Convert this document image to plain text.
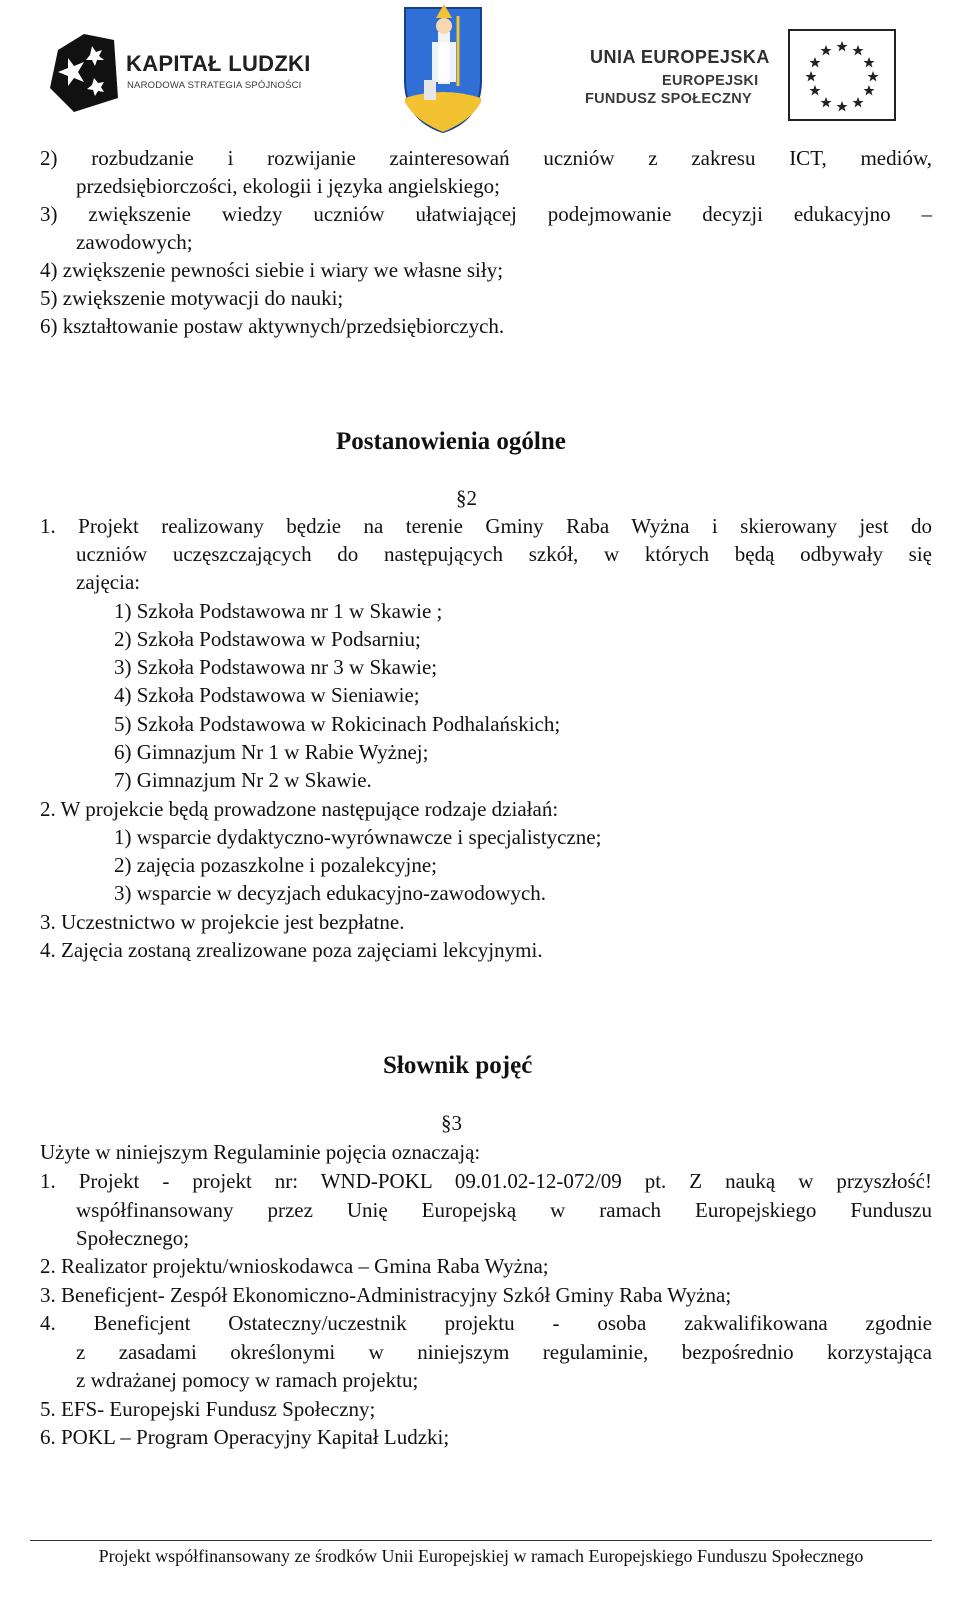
KAPITAŁ LUDZKI
NARODOWA STRATEGIA SPÓJNOŚCI
UNIA EUROPEJSKA
EUROPEJSKI
FUNDUSZ SPOŁECZNY
2) rozbudzanie i rozwijanie zainteresowań uczniów z zakresu ICT, mediów,
przedsiębiorczości, ekologii i języka angielskiego;
3) zwiększenie wiedzy uczniów ułatwiającej podejmowanie decyzji edukacyjno –
zawodowych;
4) zwiększenie pewności siebie i wiary we własne siły;
5) zwiększenie motywacji do nauki;
6) kształtowanie postaw aktywnych/przedsiębiorczych.
Postanowienia ogólne
§2
1. Projekt realizowany będzie na terenie Gminy Raba Wyżna i skierowany jest do
uczniów uczęszczających do następujących szkół, w których będą odbywały się
zajęcia:
1) Szkoła Podstawowa nr 1 w Skawie ;
2) Szkoła Podstawowa w Podsarniu;
3) Szkoła Podstawowa nr 3 w Skawie;
4) Szkoła Podstawowa w Sieniawie;
5) Szkoła Podstawowa w Rokicinach Podhalańskich;
6) Gimnazjum Nr 1 w Rabie Wyżnej;
7) Gimnazjum Nr 2 w Skawie.
2. W projekcie będą prowadzone następujące rodzaje działań:
1) wsparcie dydaktyczno-wyrównawcze i specjalistyczne;
2) zajęcia pozaszkolne i pozalekcyjne;
3) wsparcie w decyzjach edukacyjno-zawodowych.
3. Uczestnictwo w projekcie jest bezpłatne.
4. Zajęcia zostaną zrealizowane poza zajęciami lekcyjnymi.
Słownik pojęć
§3
Użyte w niniejszym Regulaminie pojęcia oznaczają:
1. Projekt - projekt nr: WND-POKL 09.01.02-12-072/09 pt. Z nauką w przyszłość!
współfinansowany przez Unię Europejską w ramach Europejskiego Funduszu
Społecznego;
2. Realizator projektu/wnioskodawca – Gmina Raba Wyżna;
3. Beneficjent- Zespół Ekonomiczno-Administracyjny Szkół Gminy Raba Wyżna;
4. Beneficjent Ostateczny/uczestnik projektu - osoba zakwalifikowana zgodnie
z zasadami określonymi w niniejszym regulaminie, bezpośrednio korzystająca
z wdrażanej pomocy w ramach projektu;
5. EFS- Europejski Fundusz Społeczny;
6. POKL – Program Operacyjny Kapitał Ludzki;
Projekt współfinansowany ze środków Unii Europejskiej w ramach Europejskiego Funduszu Społecznego
